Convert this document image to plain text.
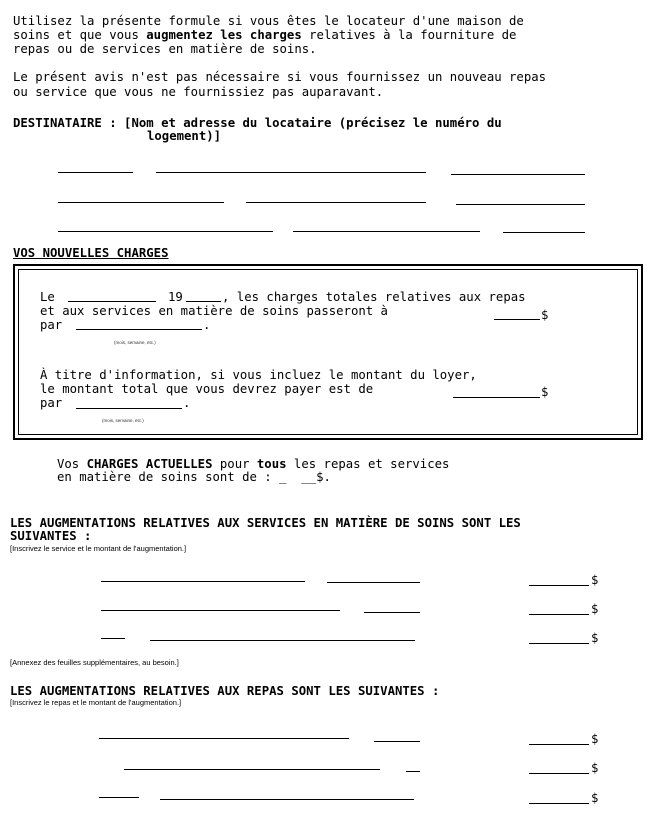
Utilisez la présente formule si vous êtes le locateur d'une maison de
soins et que vous augmentez les charges relatives à la fourniture de
repas ou de services en matière de soins.
Le présent avis n'est pas nécessaire si vous fournissez un nouveau repas
ou service que vous ne fournissiez pas auparavant.
DESTINATAIRE : [Nom et adresse du locataire (précisez le numéro du
logement)]
VOS NOUVELLES CHARGES
Le	19	, les charges totales relatives aux repas
et aux services en matière de soins passeront à	$
par	.
(mois, semaine, etc.)
À titre d'information, si vous incluez le montant du loyer,
le montant total que vous devrez payer est de	$
par	.
(mois, semaine, etc.)
Vos CHARGES ACTUELLES pour tous les repas et services
en matière de soins sont de : _  __$.
LES AUGMENTATIONS RELATIVES AUX SERVICES EN MATIÈRE DE SOINS SONT LES
SUIVANTES :
[Inscrivez le service et le montant de l'augmentation.]
$
$
$
[Annexez des feuilles supplémentaires, au besoin.]
LES AUGMENTATIONS RELATIVES AUX REPAS SONT LES SUIVANTES :
[Inscrivez le repas et le montant de l'augmentation.]
$
$
$
